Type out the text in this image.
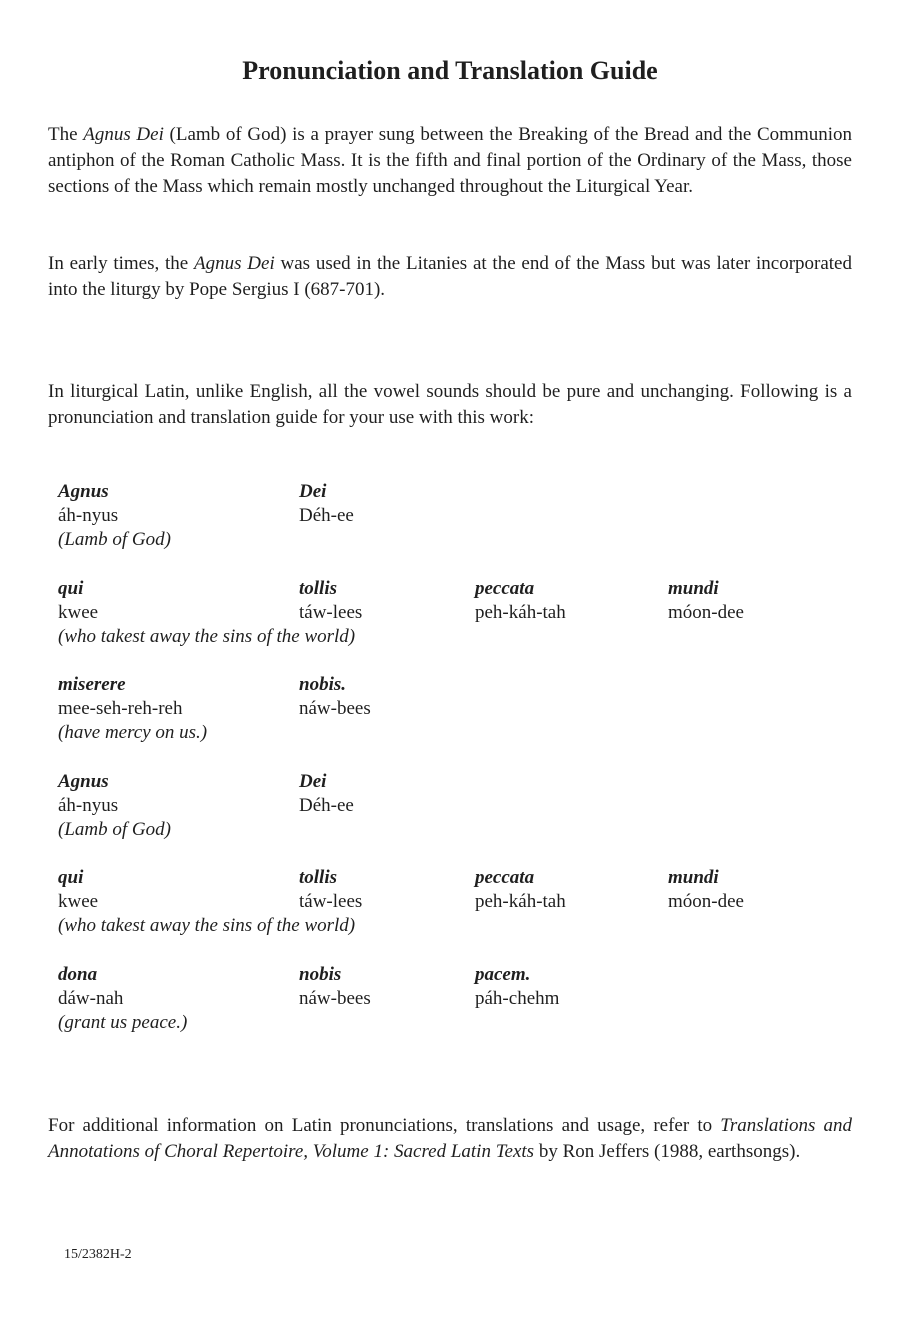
Pronunciation and Translation Guide

The Agnus Dei (Lamb of God) is a prayer sung between the Breaking of the Bread and the Communion antiphon of the Roman Catholic Mass. It is the fifth and final portion of the Ordinary of the Mass, those sections of the Mass which remain mostly unchanged throughout the Liturgical Year.

In early times, the Agnus Dei was used in the Litanies at the end of the Mass but was later incorporated into the liturgy by Pope Sergius I (687-701).

In liturgical Latin, unlike English, all the vowel sounds should be pure and unchanging. Following is a pronunciation and translation guide for your use with this work:

Agnus
áh-nyus
Dei
Déh-ee
(Lamb of God)
qui
kwee
tollis
táw-lees
peccata
peh-káh-tah
mundi
móon-dee
(who takest away the sins of the world)
miserere
mee-seh-reh-reh
nobis.
náw-bees
(have mercy on us.)
Agnus
áh-nyus
Dei
Déh-ee
(Lamb of God)
qui
kwee
tollis
táw-lees
peccata
peh-káh-tah
mundi
móon-dee
(who takest away the sins of the world)
dona
dáw-nah
nobis
náw-bees
pacem.
páh-chehm
(grant us peace.)

For additional information on Latin pronunciations, translations and usage, refer to Translations and Annotations of Choral Repertoire, Volume 1: Sacred Latin Texts by Ron Jeffers (1988, earthsongs).

15/2382H-2
